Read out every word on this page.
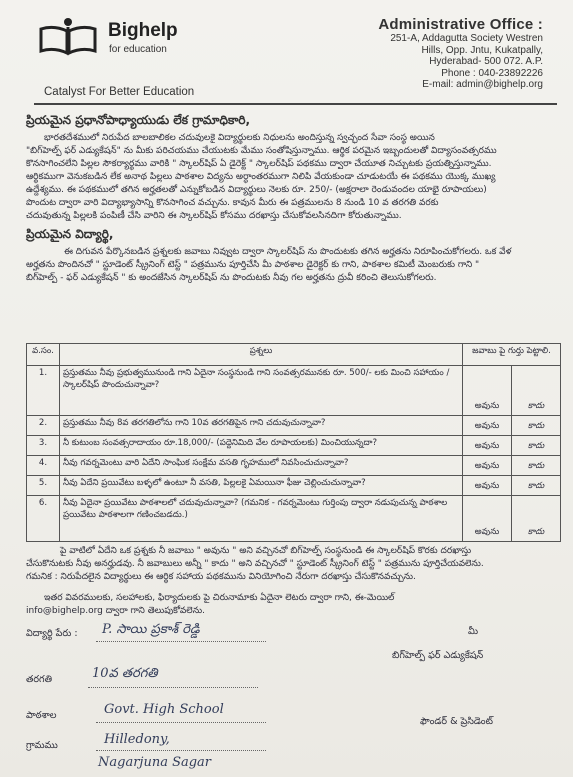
Bighelp
for education
Catalyst For Better Education
Administrative Office :
251-A, Addagutta Society Westren
Hills, Opp. Jntu, Kukatpally,
Hyderabad- 500 072. A.P.
Phone : 040-23892226
E-mail: admin@bighelp.org
ప్రియమైన ప్రధానోపాధ్యాయుడు లేక గ్రామాధికారి,
భారతదేశములో నిరుపేద బాలబాలికల చదువులకై విద్యార్థులకు నిధులను అందిస్తున్న స్వచ్ఛంద సేవా సంస్థ అయిన
"బిగ్‌హెల్ప్ ఫర్ ఎడ్యుకేషన్" ను మీకు పరిచయము చేయుటకు మేము సంతోషిస్తున్నాము. ఆర్థిక పరమైన ఇబ్బందులతో విద్యాసంవత్సరము
కొనసాగించలేని పిల్లల సౌకర్యార్థము వారికి " స్కాలర్‌షిప్ ఏ డైరెక్ట్ " స్కాలర్‌షిప్ పథకము ద్వారా చేయూత నిచ్చుటకు ప్రయత్నిస్తున్నాము.
ఆర్థికముగా వెనుకబడిన లేక అనాథ పిల్లలు పాఠశాల విద్యను అర్ధాంతరముగా నిలిపి వేయకుండా చూడుటయే ఈ పథకము యొక్క ముఖ్య
ఉద్దేశ్యము. ఈ పథకములో తగిన అర్హతలతో ఎన్నుకోబడిన విద్యార్థులు నెలకు రూ. 250/- (అక్షరాలా రెండువందల యాభై రూపాయలు)
పొందుట ద్వారా వారి విద్యాభ్యాసాన్ని కొనసాగించ వచ్చును. కావున మీరు ఈ పత్రములను 8 నుండి 10 వ తరగతి వరకు
చదువుతున్న పిల్లలకి పంపిణీ చేసి వారిని ఈ స్కాలర్‌షిప్ కోసము దరఖాస్తు చేసుకోవలసినదిగా కోరుతున్నాము.
ప్రియమైన విద్యార్థి,
ఈ దిగువన పేర్కొనబడిన ప్రశ్నలకు జవాబు నివ్వుట ద్వారా స్కాలర్‌షిప్ ను పొందుటకు తగిన అర్హతను నిరూపించుకోగలరు. ఒక వేళ
అర్హతను పొందినచో " స్టూడెంట్ స్క్రీనింగ్ టెస్ట్ " పత్రమును పూర్తిచేసి మీ పాఠశాల డైరెక్టర్ కు గాని, పాఠశాల కమిటీ మెంబరుకు గాని "
బిగ్‌హెల్ప్ - ఫర్ ఎడ్యుకేషన్ " కు అందజేసిన స్కాలర్‌షిప్ ను పొందుటకు నీవు గల అర్హతను ద్రువీ కరించి తెలుసుకోగలరు.
వ.సం.	ప్రశ్నలు	జవాబు పై గుర్తు పెట్టాలి.	
1.	ప్రస్తుతము నీవు ప్రభుత్వమునుండి గాని ఏదైనా సంస్థనుండి గాని సంవత్సరమునకు రూ. 500/- లకు మించి సహాయం / స్కాలర్‌షిప్ పొందుచున్నావా?	అవును	కాదు
2.	ప్రస్తుతము నీవు 8వ తరగతిలోను గాని 10వ తరగతిపైన గాని చదువుచున్నావా?	అవును	కాదు
3.	నీ కుటుంబ సంవత్సరాదాయం రూ.18,000/- (పద్దెనిమిది వేల రూపాయలకు) మించియున్నదా?	అవును	కాదు
4.	నీవు గవర్నమెంటు వారి ఏదేని సాంఘిక సంక్షేమ వసతి గృహములో నివసించుచున్నావా?	అవును	కాదు
5.	నీవు ఏదేని ప్రయివేటు బళ్ళలో ఉంటూ నీ వసతి, పిల్లలకై ఏమయినా ఫీజు చెల్లించుచున్నావా?	అవును	కాదు
6.	నీవు ఏదైనా ప్రయివేటు పాఠశాలలో చదువుచున్నావా? (గమనిక - గవర్నమెంటు గుర్తింపు ద్వారా నడుపుచున్న పాఠశాల ప్రయివేటు పాఠశాలగా గణించబడదు.)	అవును	కాదు
పై వాటిలో ఏదేని ఒక ప్రశ్నకు నీ జవాబు " అవును " అని వచ్చినచో బిగ్‌హెల్ప్ సంస్థనుండి ఈ స్కాలర్‌షిప్ కొరకు దరఖాస్తు
చేసుకొనుటకు నీవు అనర్హుడవు. నీ జవాబులు అన్నీ " కాదు " అని వచ్చినచో " స్టూడెంట్ స్క్రీనింగ్ టెస్ట్ " పత్రమును పూర్తిచేయవలెను.
గమనిక : నిరుపేదలైన విద్యార్థులు ఈ ఆర్థిక సహాయ పథకమును వినియోగించి నేరుగా దరఖాస్తు చేసుకొనవచ్చును.
ఇతర వివరములకు, సలహాలకు, ఫిర్యాదులకు పై చిరునామాకు ఏదైనా లెటరు ద్వారా గాని, ఈ-మెయిల్
info@bighelp.org ద్వారా గాని తెలుపుకోవలెను.
విద్యార్థి పేరు : P. సాయి ప్రకాశ్ రెడ్డి
తరగతి	10వ తరగతి
పాఠశాల	Govt. High School
గ్రామము	Hilledony,
Nagarjuna Sagar
మీ
బిగ్‌హెల్ప్ ఫర్ ఎడ్యుకేషన్
ఫౌండర్ & ప్రెసిడెంట్
